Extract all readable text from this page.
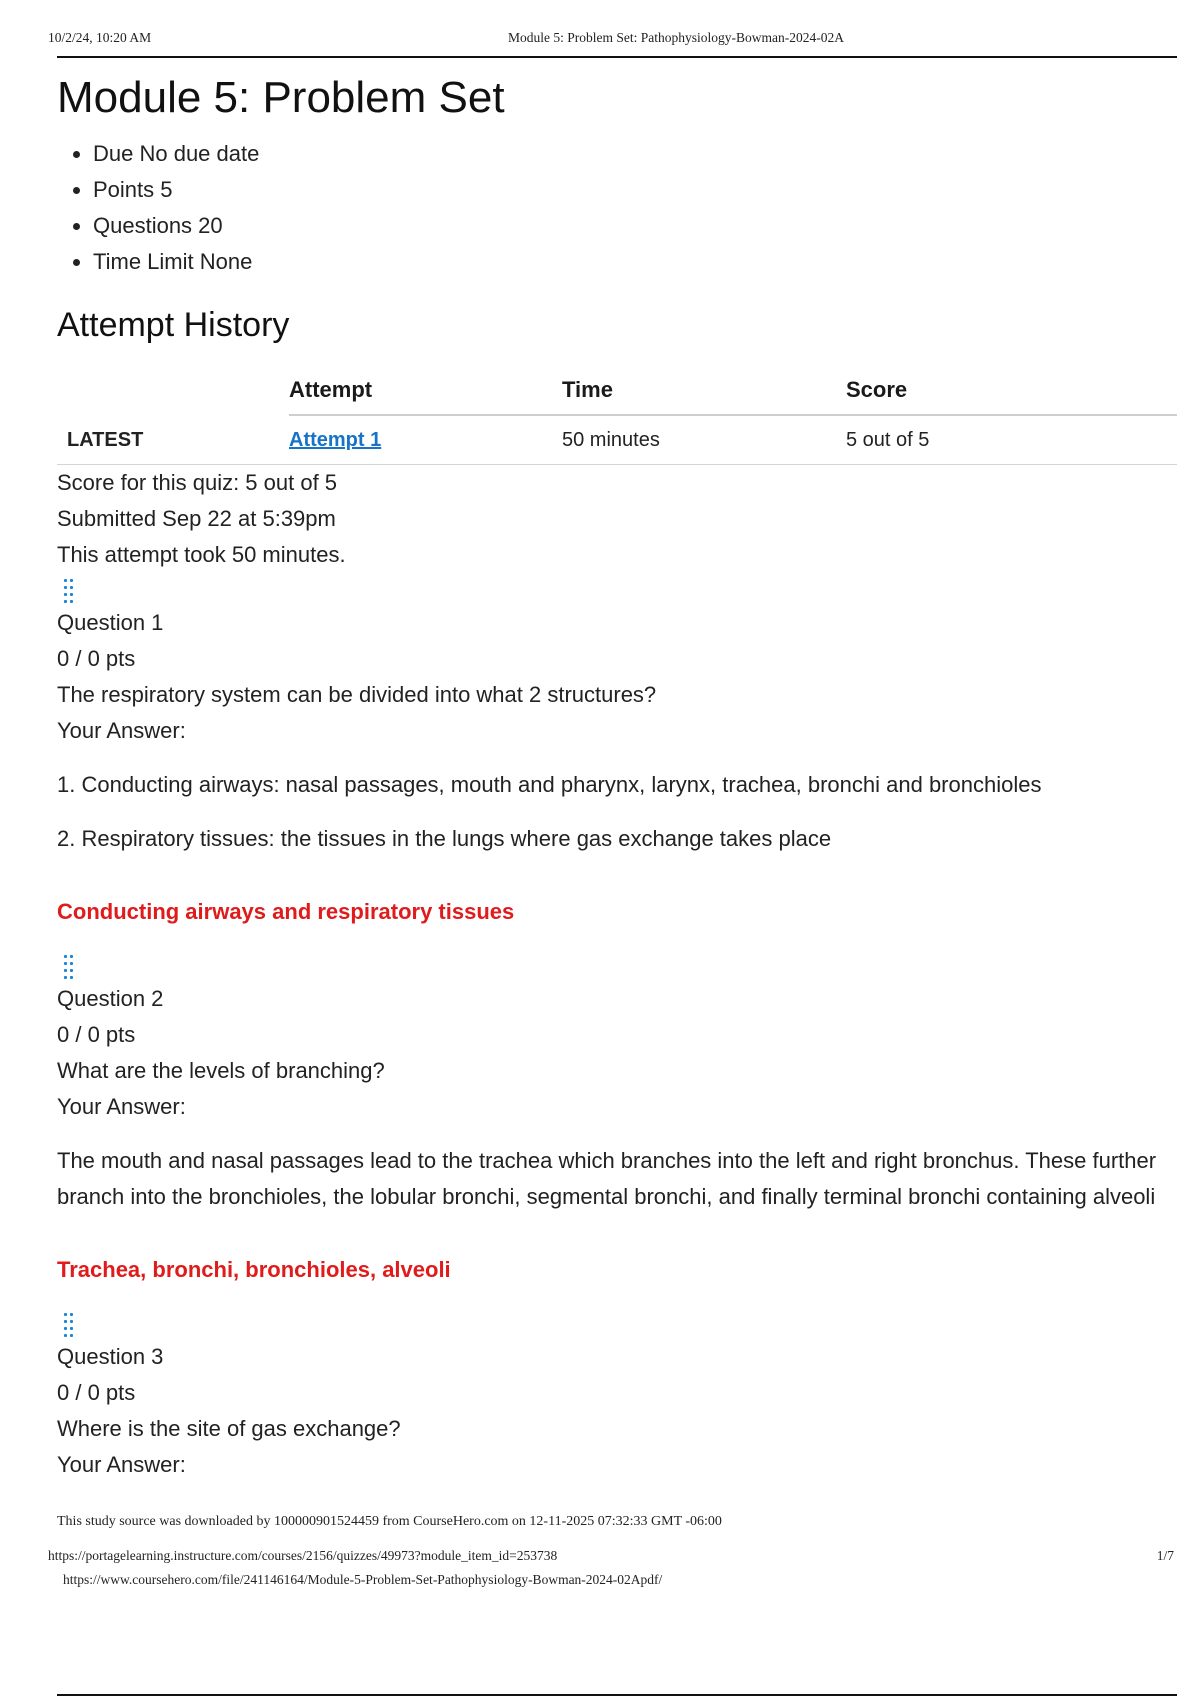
10/2/24, 10:20 AM	Module 5: Problem Set: Pathophysiology-Bowman-2024-02A
Module 5: Problem Set
• Due No due date
• Points 5
• Questions 20
• Time Limit None
Attempt History
	Attempt	Time	Score
LATEST	Attempt 1	50 minutes	5 out of 5
Score for this quiz: 5 out of 5
Submitted Sep 22 at 5:39pm
This attempt took 50 minutes.
Question 1
0 / 0 pts
The respiratory system can be divided into what 2 structures?
Your Answer:

1. Conducting airways: nasal passages, mouth and pharynx, larynx, trachea, bronchi and bronchioles

2. Respiratory tissues: the tissues in the lungs where gas exchange takes place

Conducting airways and respiratory tissues

Question 2
0 / 0 pts
What are the levels of branching?
Your Answer:

The mouth and nasal passages lead to the trachea which branches into the left and right bronchus. These further branch into the bronchioles, the lobular bronchi, segmental bronchi, and finally terminal bronchi containing alveoli

Trachea, bronchi, bronchioles, alveoli

Question 3
0 / 0 pts
Where is the site of gas exchange?
Your Answer:
This study source was downloaded by 100000901524459 from CourseHero.com on 12-11-2025 07:32:33 GMT -06:00
https://portagelearning.instructure.com/courses/2156/quizzes/49973?module_item_id=253738	1/7
https://www.coursehero.com/file/241146164/Module-5-Problem-Set-Pathophysiology-Bowman-2024-02Apdf/
